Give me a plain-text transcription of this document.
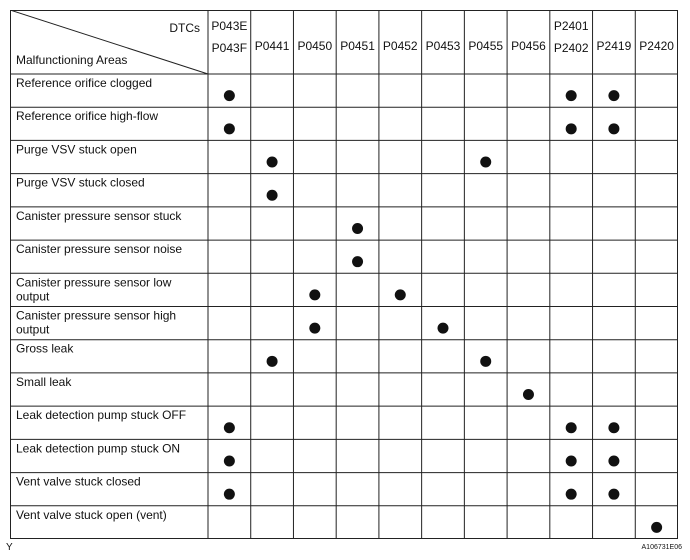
DTCs
Malfunctioning Areas
P043E
P043F P0441 P0450 P0451 P0452 P0453 P0455 P0456
P2401
P2402 P2419 P2420
Reference orifice clogged
Reference orifice high-flow
Purge VSV stuck open
Purge VSV stuck closed
Canister pressure sensor stuck
Canister pressure sensor noise
Canister pressure sensor low
output
Canister pressure sensor high
output
Gross leak
Small leak
Leak detection pump stuck OFF
Leak detection pump stuck ON
Vent valve stuck closed
Vent valve stuck open (vent)
Y	A106731E06
